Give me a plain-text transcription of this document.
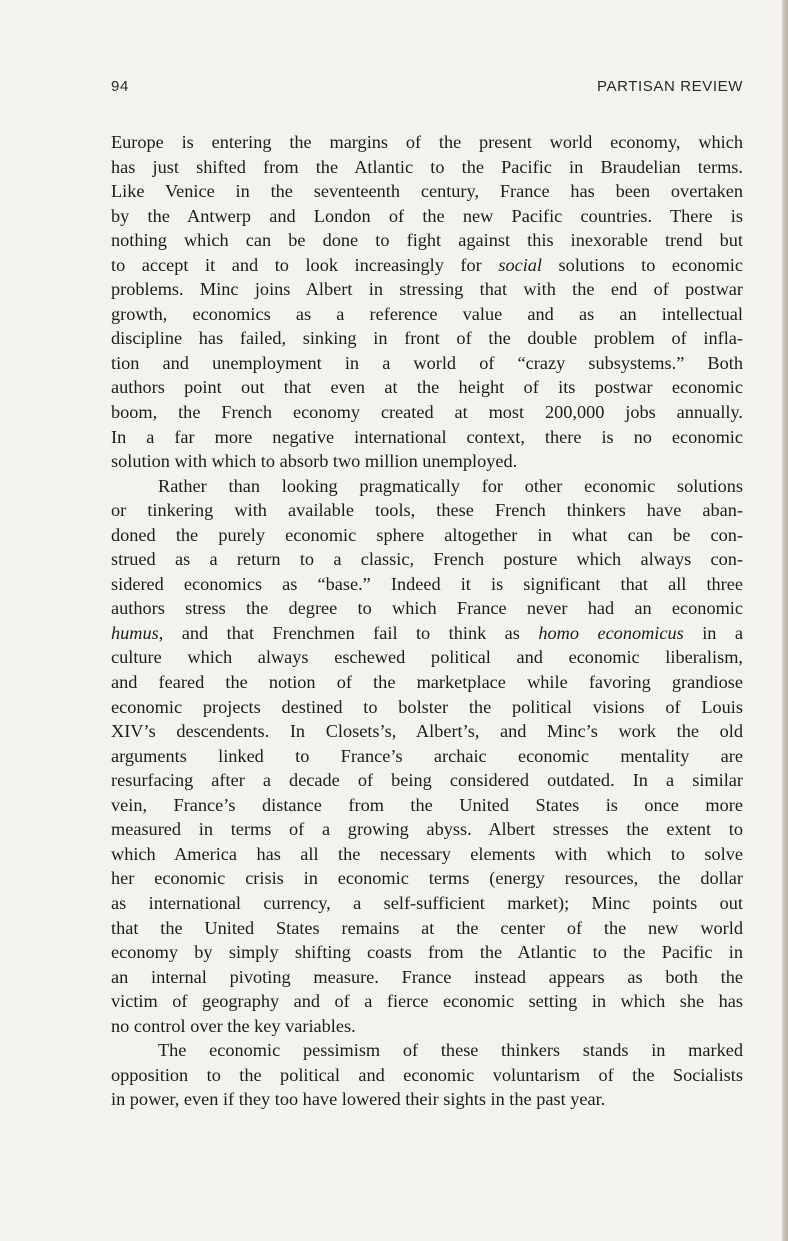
94	PARTISAN REVIEW
Europe is entering the margins of the present world economy, which
has just shifted from the Atlantic to the Pacific in Braudelian terms.
Like Venice in the seventeenth century, France has been overtaken
by the Antwerp and London of the new Pacific countries. There is
nothing which can be done to fight against this inexorable trend but
to accept it and to look increasingly for social solutions to economic
problems. Minc joins Albert in stressing that with the end of postwar
growth, economics as a reference value and as an intellectual
discipline has failed, sinking in front of the double problem of infla-
tion and unemployment in a world of “crazy subsystems.” Both
authors point out that even at the height of its postwar economic
boom, the French economy created at most 200,000 jobs annually.
In a far more negative international context, there is no economic
solution with which to absorb two million unemployed.
Rather than looking pragmatically for other economic solutions
or tinkering with available tools, these French thinkers have aban-
doned the purely economic sphere altogether in what can be con-
strued as a return to a classic, French posture which always con-
sidered economics as “base.” Indeed it is significant that all three
authors stress the degree to which France never had an economic
humus, and that Frenchmen fail to think as homo economicus in a
culture which always eschewed political and economic liberalism,
and feared the notion of the marketplace while favoring grandiose
economic projects destined to bolster the political visions of Louis
XIV’s descendents. In Closets’s, Albert’s, and Minc’s work the old
arguments linked to France’s archaic economic mentality are
resurfacing after a decade of being considered outdated. In a similar
vein, France’s distance from the United States is once more
measured in terms of a growing abyss. Albert stresses the extent to
which America has all the necessary elements with which to solve
her economic crisis in economic terms (energy resources, the dollar
as international currency, a self-sufficient market); Minc points out
that the United States remains at the center of the new world
economy by simply shifting coasts from the Atlantic to the Pacific in
an internal pivoting measure. France instead appears as both the
victim of geography and of a fierce economic setting in which she has
no control over the key variables.
The economic pessimism of these thinkers stands in marked
opposition to the political and economic voluntarism of the Socialists
in power, even if they too have lowered their sights in the past year.
